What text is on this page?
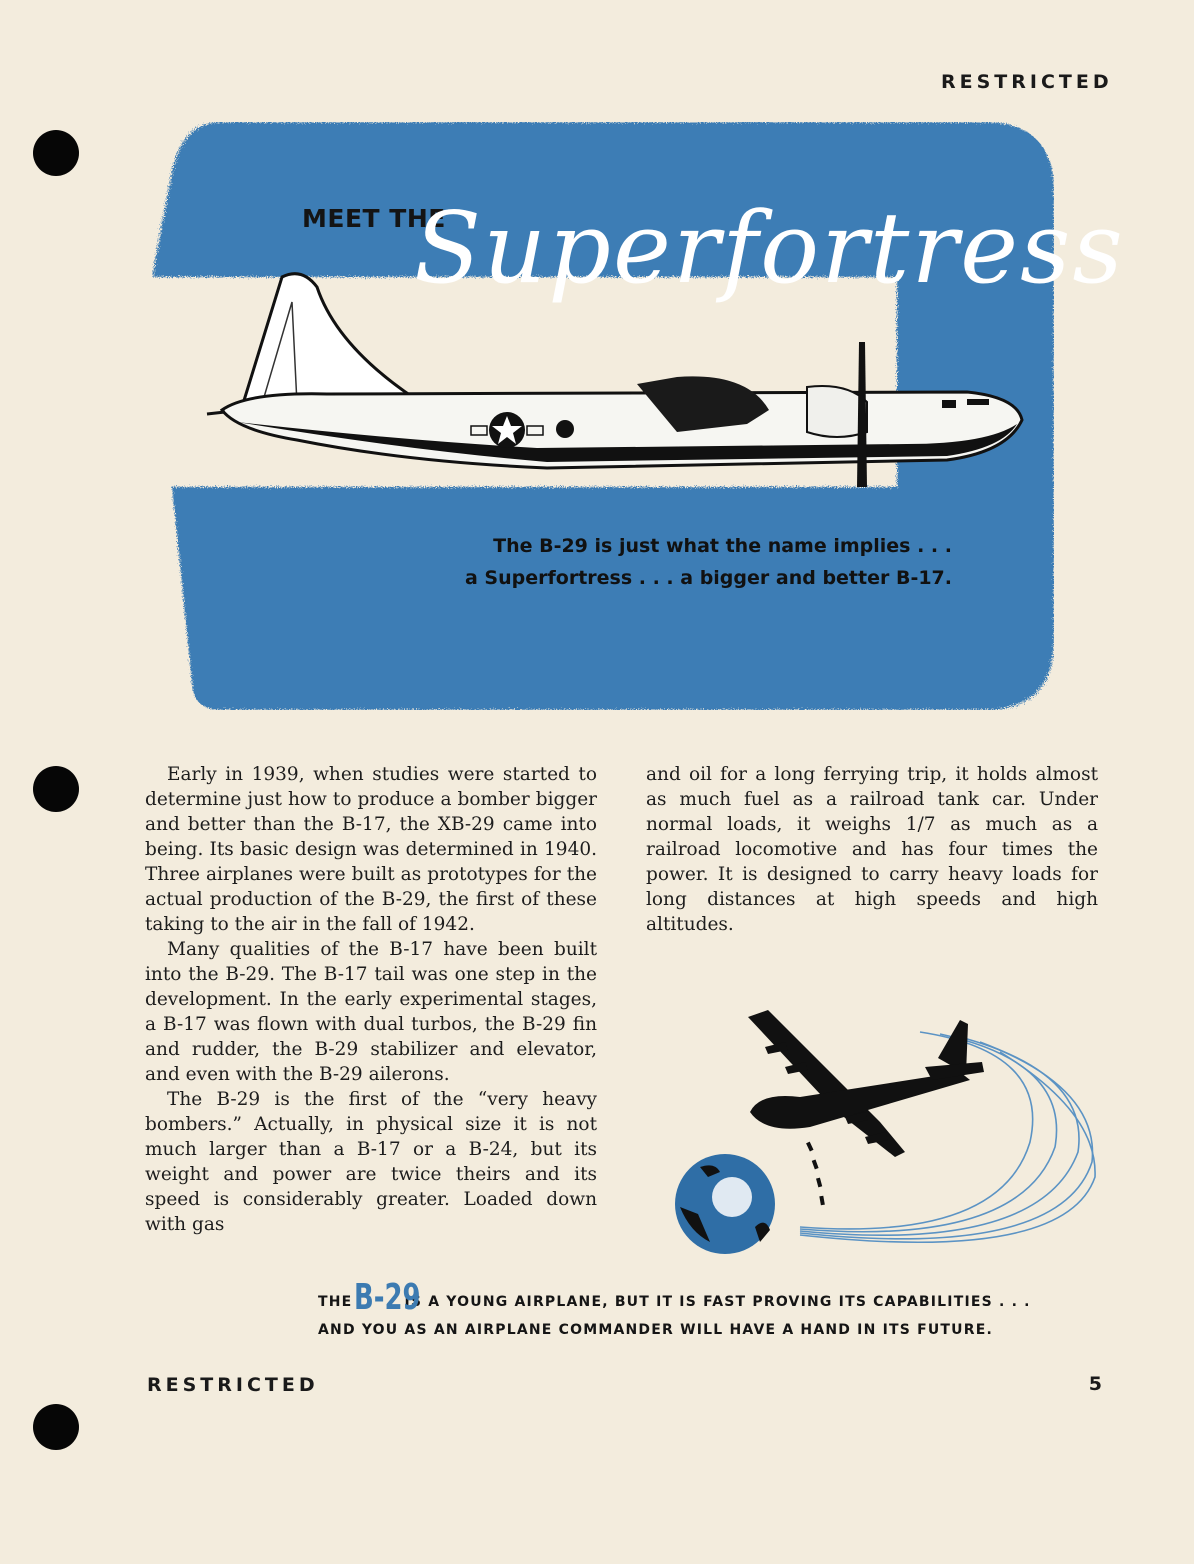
RESTRICTED
MEET THE
Superfortress

The B-29 is just what the name implies . . .

a Superfortress . . . a bigger and better B-17.

Early in 1939, when studies were started to determine just how to produce a bomber bigger and better than the B-17, the XB-29 came into being. Its basic design was determined in 1940. Three airplanes were built as prototypes for the actual production of the B-29, the first of these taking to the air in the fall of 1942.

Many qualities of the B-17 have been built into the B-29. The B-17 tail was one step in the development. In the early experimental stages, a B-17 was flown with dual turbos, the B-29 fin and rudder, the B-29 stabilizer and elevator, and even with the B-29 ailerons.

The B-29 is the first of the “very heavy bombers.” Actually, in physical size it is not much larger than a B-17 or a B-24, but its weight and power are twice theirs and its speed is considerably greater. Loaded down with gas

and oil for a long ferrying trip, it holds almost as much fuel as a railroad tank car. Under normal loads, it weighs 1/7 as much as a railroad locomotive and has four times the power. It is designed to carry heavy loads for long distances at high speeds and high altitudes.

THEB-29IS A YOUNG AIRPLANE, BUT IT IS FAST PROVING ITS CAPABILITIES . . .
AND YOU AS AN AIRPLANE COMMANDER WILL HAVE A HAND IN ITS FUTURE.
RESTRICTED	5
